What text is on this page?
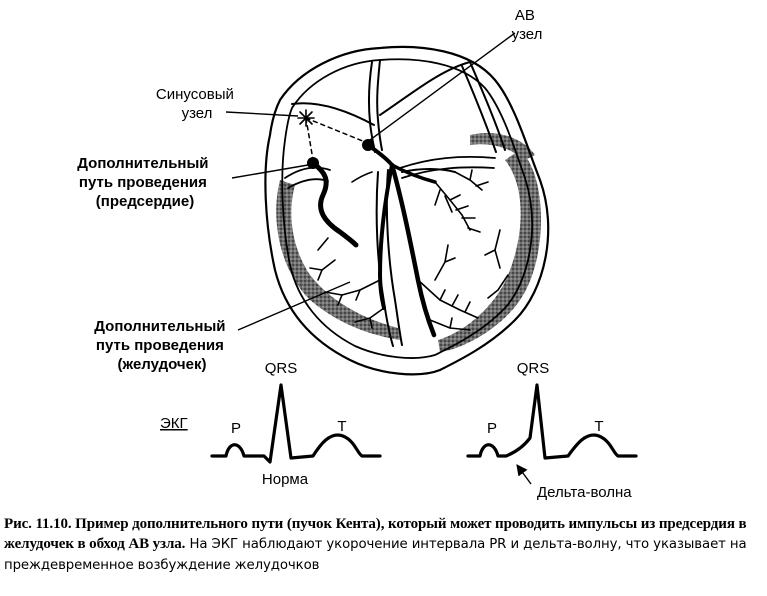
АВ узел
Синусовый узел
Дополнительный путь проведения (предсердие)
Дополнительный путь проведения (желудочек)
ЭКГ	P
QRS
T
Норма
P
QRS
T
Дельта-волна
Рис. 11.10. Пример дополнительного пути (пучок Кента), который может проводить импульсы из предсердия в желудочек в обход АВ узла. На ЭКГ наблюдают укорочение интервала PR и дельта-волну, что указывает на преждевременное возбуждение желудочков
